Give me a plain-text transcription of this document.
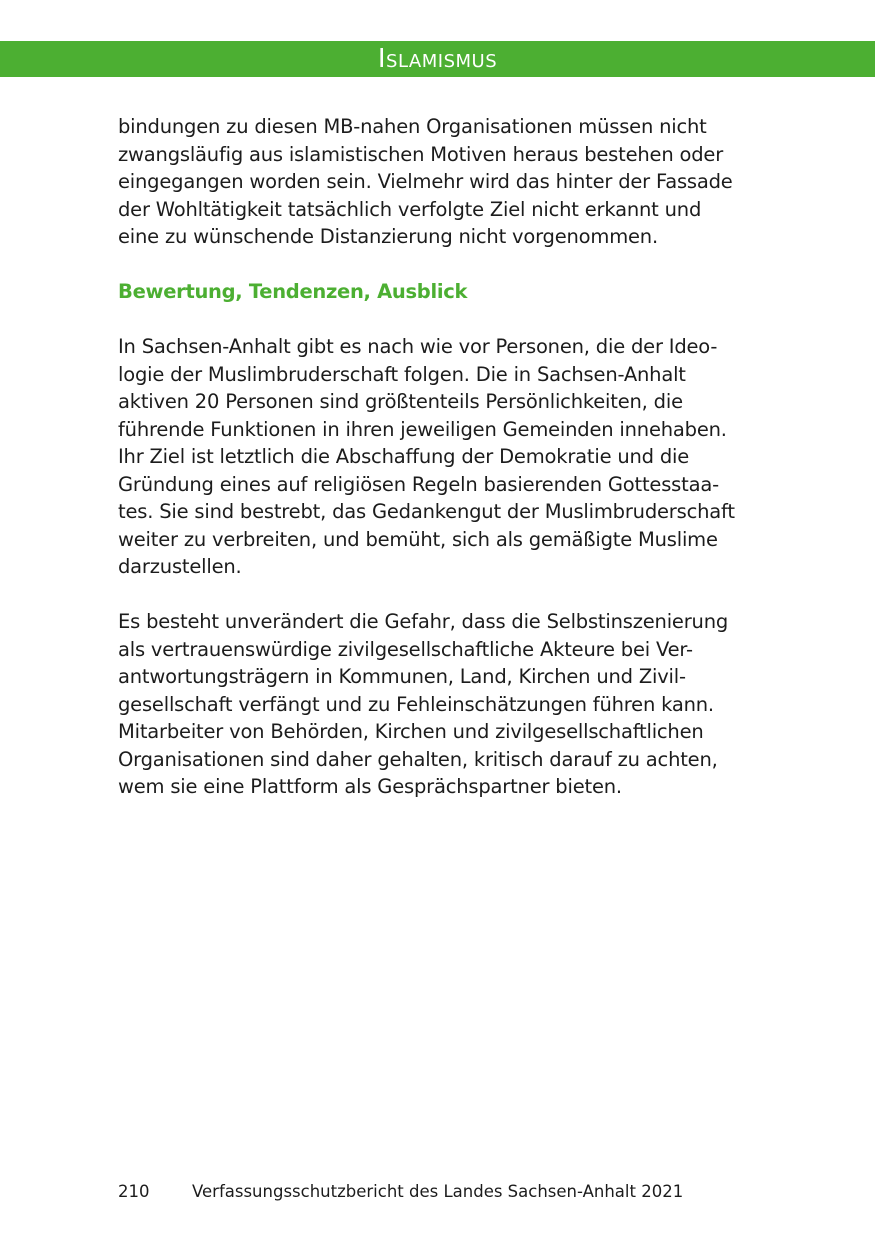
Islamismus

bindungen zu diesen MB-nahen Organisationen müssen nicht
zwangsläufig aus islamistischen Motiven heraus bestehen oder
eingegangen worden sein. Vielmehr wird das hinter der Fassade
der Wohltätigkeit tatsächlich verfolgte Ziel nicht erkannt und
eine zu wünschende Distanzierung nicht vorgenommen.

Bewertung, Tendenzen, Ausblick

In Sachsen-Anhalt gibt es nach wie vor Personen, die der Ideo-
logie der Muslimbruderschaft folgen. Die in Sachsen-Anhalt
aktiven 20 Personen sind größtenteils Persönlichkeiten, die
führende Funktionen in ihren jeweiligen Gemeinden innehaben.
Ihr Ziel ist letztlich die Abschaffung der Demokratie und die
Gründung eines auf religiösen Regeln basierenden Gottesstaa-
tes. Sie sind bestrebt, das Gedankengut der Muslimbruderschaft
weiter zu verbreiten, und bemüht, sich als gemäßigte Muslime
darzustellen.

Es besteht unverändert die Gefahr, dass die Selbstinszenierung
als vertrauenswürdige zivilgesellschaftliche Akteure bei Ver-
antwortungsträgern in Kommunen, Land, Kirchen und Zivil-
gesellschaft verfängt und zu Fehleinschätzungen führen kann.
Mitarbeiter von Behörden, Kirchen und zivilgesellschaftlichen
Organisationen sind daher gehalten, kritisch darauf zu achten,
wem sie eine Plattform als Gesprächspartner bieten.

210	Verfassungsschutzbericht des Landes Sachsen-Anhalt 2021
